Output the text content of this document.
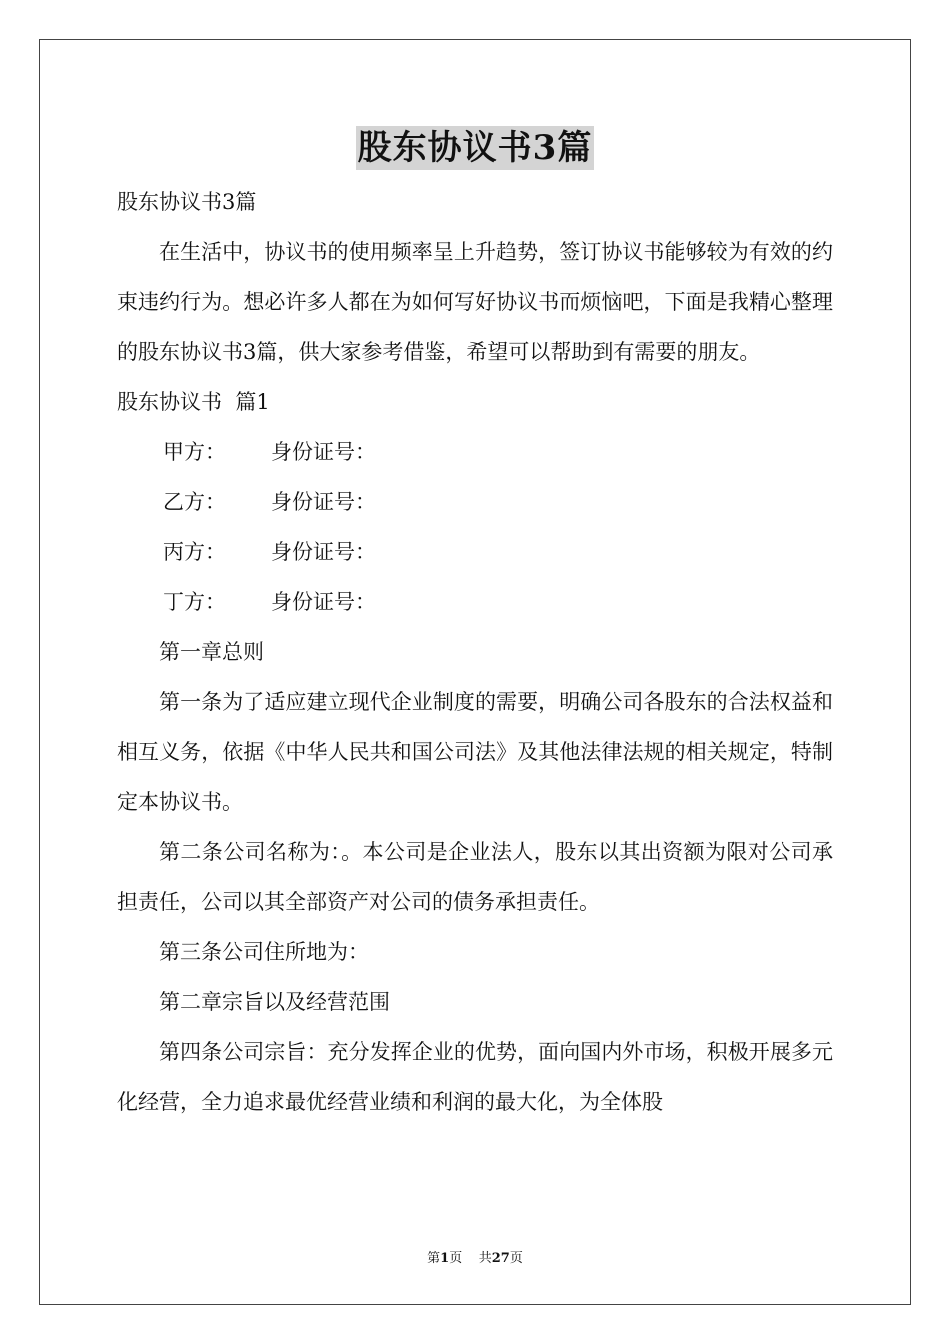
股东协议书3篇
股东协议书3篇

在生活中，协议书的使用频率呈上升趋势，签订协议书能够较为有效的约束违约行为。想必许多人都在为如何写好协议书而烦恼吧，下面是我精心整理的股东协议书3篇，供大家参考借鉴，希望可以帮助到有需要的朋友。

股东协议书  篇1
甲方：	身份证号：
乙方：	身份证号：
丙方：	身份证号：
丁方：	身份证号：
第一章总则

第一条为了适应建立现代企业制度的需要，明确公司各股东的合法权益和相互义务，依据《中华人民共和国公司法》及其他法律法规的相关规定，特制定本协议书。

第二条公司名称为：。本公司是企业法人，股东以其出资额为限对公司承担责任，公司以其全部资产对公司的债务承担责任。

第三条公司住所地为：
第二章宗旨以及经营范围

第四条公司宗旨：充分发挥企业的优势，面向国内外市场，积极开展多元化经营，全力追求最优经营业绩和利润的最大化，为全体股

第1页 共27页
